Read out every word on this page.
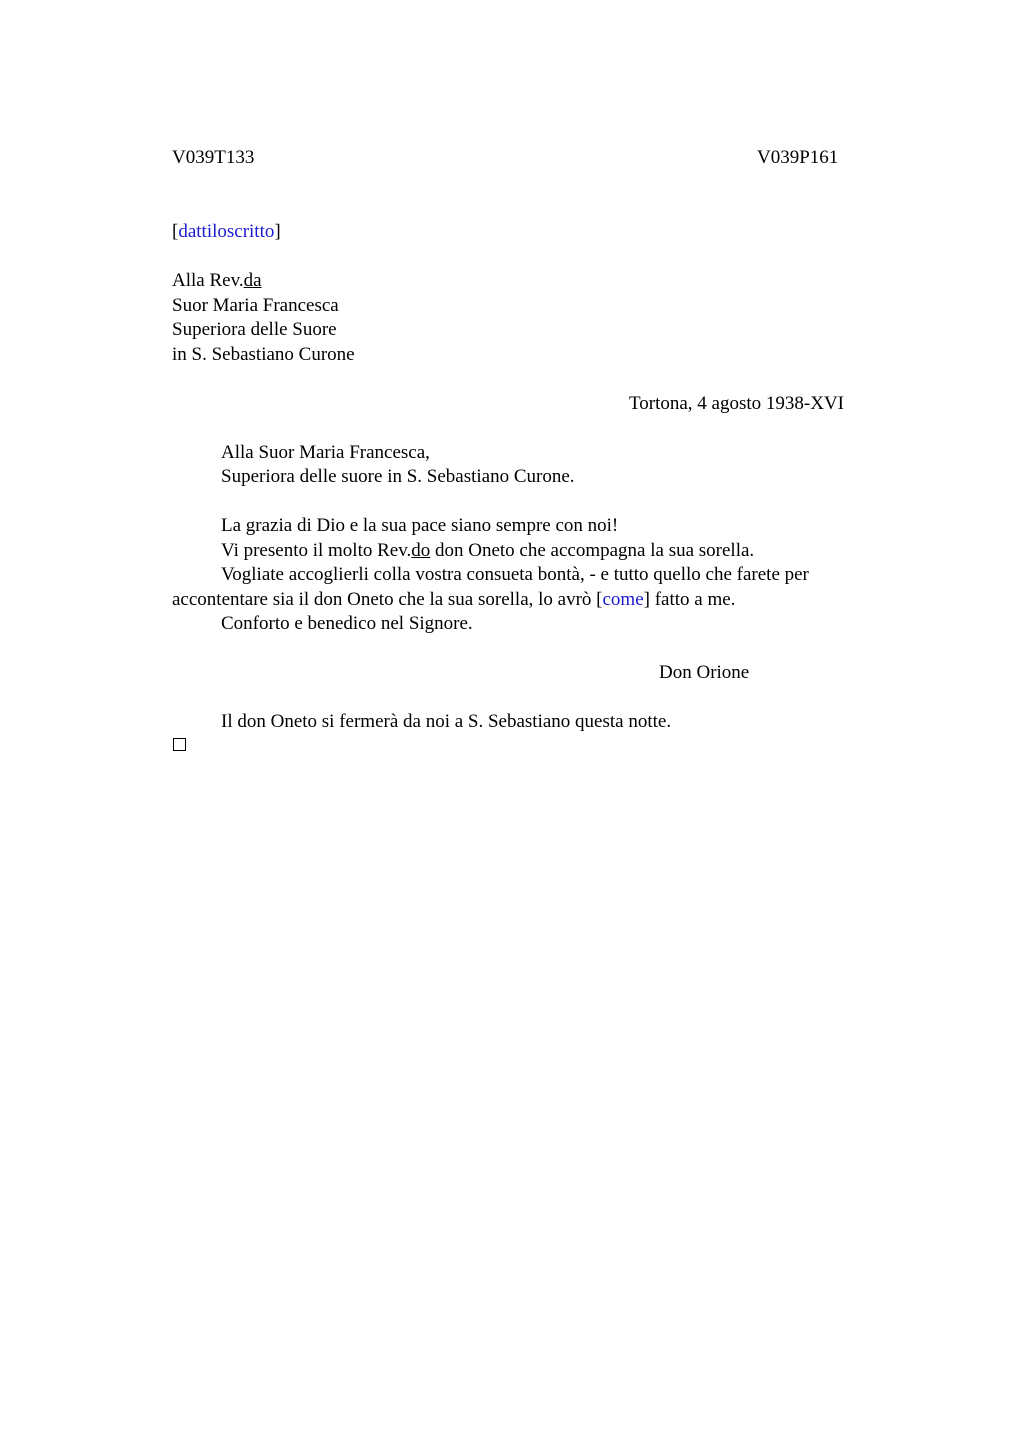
V039T133	V039P161
[dattiloscritto]
Alla Rev.da
Suor Maria Francesca
Superiora delle Suore
in S. Sebastiano Curone
Tortona, 4 agosto 1938-XVI
Alla Suor Maria Francesca,
Superiora delle suore in S. Sebastiano Curone.
La grazia di Dio e la sua pace siano sempre con noi!
Vi presento il molto Rev.do don Oneto che accompagna la sua sorella.
Vogliate accoglierli colla vostra consueta bontà, - e tutto quello che farete per accontentare sia il don Oneto che la sua sorella, lo avrò [come] fatto a me.
Conforto e benedico nel Signore.
Don Orione
Il don Oneto si fermerà da noi a S. Sebastiano questa notte.
